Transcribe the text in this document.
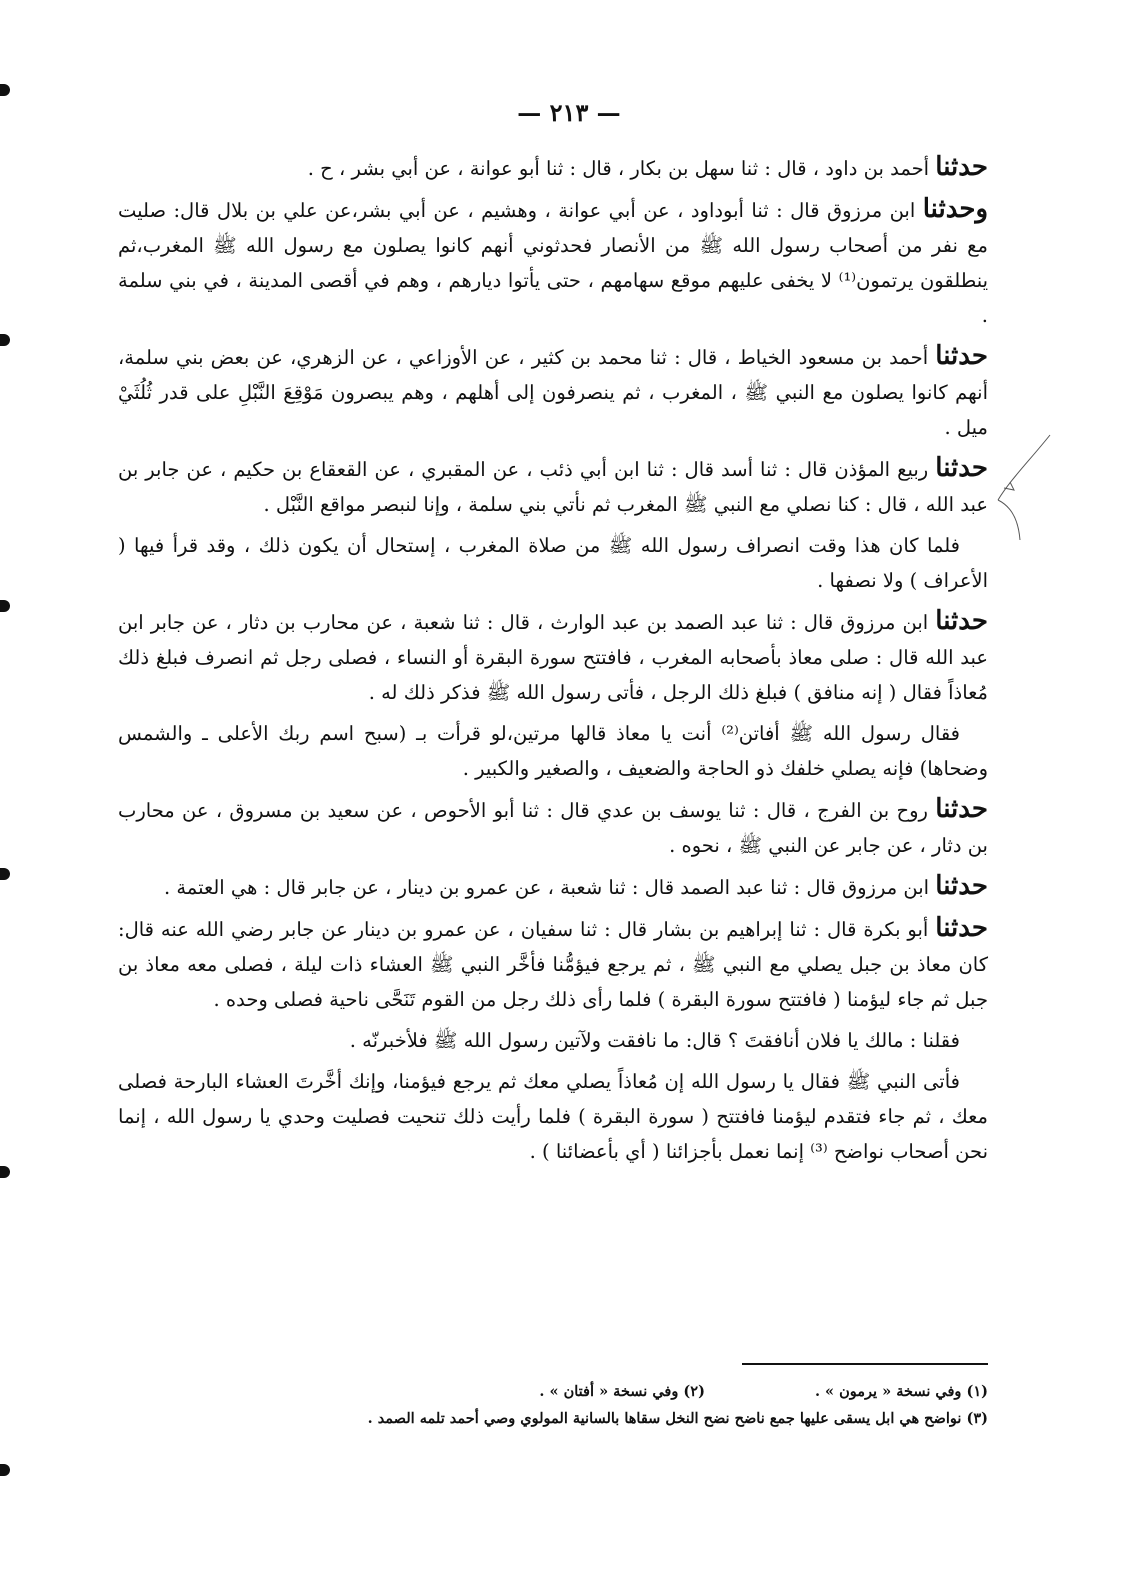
— ٢١٣ —

حدثنا أحمد بن داود ، قال : ثنا سهل بن بكار ، قال : ثنا أبو عوانة ، عن أبي بشر ، ح .

وحدثنا ابن مرزوق قال : ثنا أبوداود ، عن أبي عوانة ، وهشيم ، عن أبي بشر،عن علي بن بلال قال: صليت مع نفر من أصحاب رسول الله ﷺ من الأنصار فحدثوني أنهم كانوا يصلون مع رسول الله ﷺ المغرب،ثم ينطلقون يرتمون⁽¹⁾ لا يخفى عليهم موقع سهامهم ، حتى يأتوا ديارهم ، وهم في أقصى المدينة ، في بني سلمة .

حدثنا أحمد بن مسعود الخياط ، قال : ثنا محمد بن كثير ، عن الأوزاعي ، عن الزهري، عن بعض بني سلمة، أنهم كانوا يصلون مع النبي ﷺ ، المغرب ، ثم ينصرفون إلى أهلهم ، وهم يبصرون مَوْقِعَ النَّبْلِ على قدر ثُلُثَيْ ميل .

حدثنا ربيع المؤذن قال : ثنا أسد قال : ثنا ابن أبي ذئب ، عن المقبري ، عن القعقاع بن حكيم ، عن جابر بن عبد الله ، قال : كنا نصلي مع النبي ﷺ المغرب ثم نأتي بني سلمة ، وإنا لنبصر مواقع النَّبْل .

فلما كان هذا وقت انصراف رسول الله ﷺ من صلاة المغرب ، إستحال أن يكون ذلك ، وقد قرأ فيها ( الأعراف ) ولا نصفها .

حدثنا ابن مرزوق قال : ثنا عبد الصمد بن عبد الوارث ، قال : ثنا شعبة ، عن محارب بن دثار ، عن جابر ابن عبد الله قال : صلى معاذ بأصحابه المغرب ، فافتتح سورة البقرة أو النساء ، فصلى رجل ثم انصرف فبلغ ذلك مُعاذاً فقال ( إنه منافق ) فبلغ ذلك الرجل ، فأتى رسول الله ﷺ فذكر ذلك له .

فقال رسول الله ﷺ أفاتن⁽²⁾ أنت يا معاذ قالها مرتين،لو قرأت بـ (سبح اسم ربك الأعلى ـ والشمس وضحاها) فإنه يصلي خلفك ذو الحاجة والضعيف ، والصغير والكبير .

حدثنا روح بن الفرج ، قال : ثنا يوسف بن عدي قال : ثنا أبو الأحوص ، عن سعيد بن مسروق ، عن محارب بن دثار ، عن جابر عن النبي ﷺ ، نحوه .

حدثنا ابن مرزوق قال : ثنا عبد الصمد قال : ثنا شعبة ، عن عمرو بن دينار ، عن جابر قال : هي العتمة .

حدثنا أبو بكرة قال : ثنا إبراهيم بن بشار قال : ثنا سفيان ، عن عمرو بن دينار عن جابر رضي الله عنه قال: كان معاذ بن جبل يصلي مع النبي ﷺ ، ثم يرجع فيؤمُّنا فأخَّر النبي ﷺ العشاء ذات ليلة ، فصلى معه معاذ بن جبل ثم جاء ليؤمنا ( فافتتح سورة البقرة ) فلما رأى ذلك رجل من القوم تَنَحَّى ناحية فصلى وحده .

فقلنا : مالك يا فلان أنافقتَ ؟ قال: ما نافقت ولآتين رسول الله ﷺ فلأخبرنّه .

فأتى النبي ﷺ فقال يا رسول الله إن مُعاذاً يصلي معك ثم يرجع فيؤمنا، وإنك أخَّرتَ العشاء البارحة فصلى معك ، ثم جاء فتقدم ليؤمنا فافتتح ( سورة البقرة ) فلما رأيت ذلك تنحيت فصليت وحدي يا رسول الله ، إنما نحن أصحاب نواضح ⁽³⁾ إنما نعمل بأجزائنا ( أي بأعضائنا ) .

(١) وفي نسخة « يرمون » .
(٢) وفي نسخة « أفتان » .
(٣) نواضح هي ابل يسقى عليها جمع ناضح نضح النخل سقاها بالسانية المولوي وصي أحمد تلمه الصمد .
